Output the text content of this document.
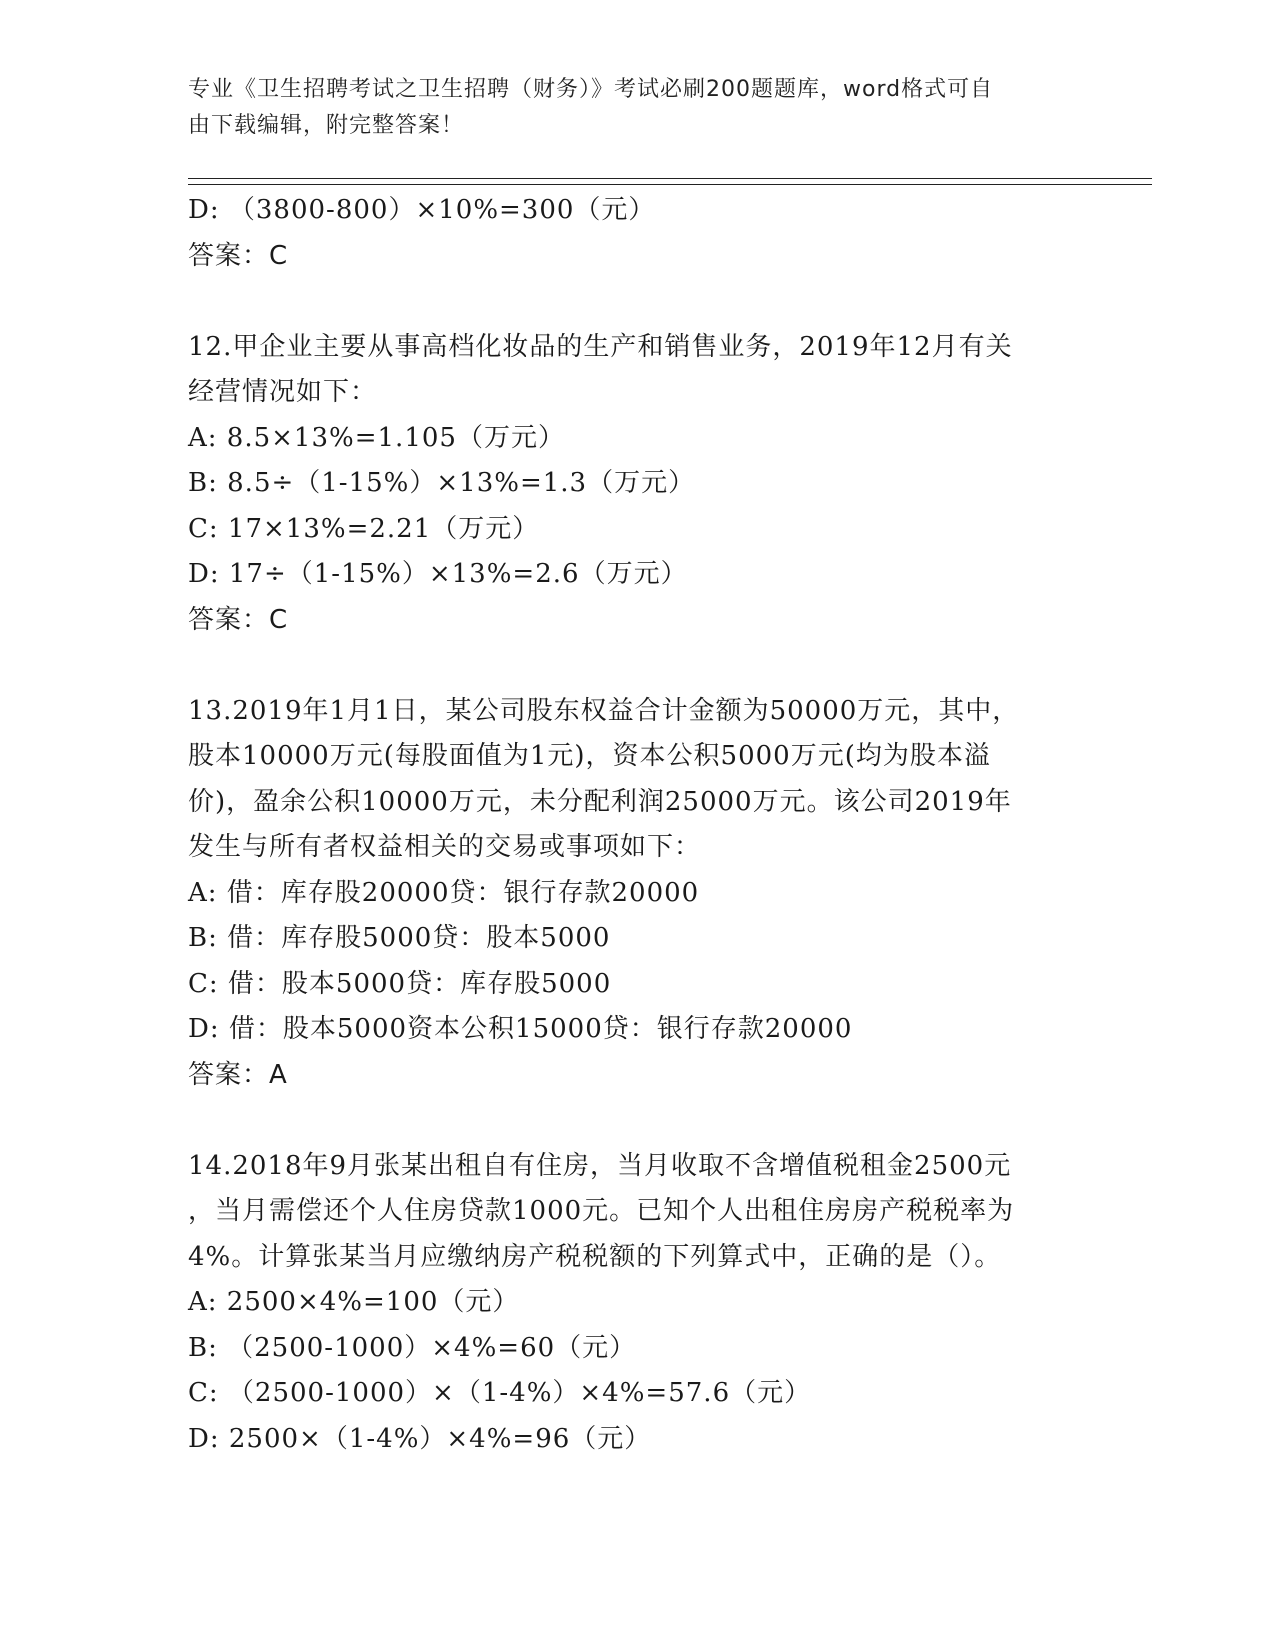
专业《卫生招聘考试之卫生招聘（财务）》考试必刷200题题库，word格式可自
由下载编辑，附完整答案！
D: （3800-800）×10%=300（元）
答案：C
12.甲企业主要从事高档化妆品的生产和销售业务，2019年12月有关
经营情况如下：
A: 8.5×13%=1.105（万元）
B: 8.5÷（1-15%）×13%=1.3（万元）
C: 17×13%=2.21（万元）
D: 17÷（1-15%）×13%=2.6（万元）
答案：C
13.2019年1月1日，某公司股东权益合计金额为50000万元，其中，
股本10000万元(每股面值为1元)，资本公积5000万元(均为股本溢
价)，盈余公积10000万元，未分配利润25000万元。该公司2019年
发生与所有者权益相关的交易或事项如下：
A: 借：库存股20000贷：银行存款20000
B: 借：库存股5000贷：股本5000
C: 借：股本5000贷：库存股5000
D: 借：股本5000资本公积15000贷：银行存款20000
答案：A
14.2018年9月张某出租自有住房，当月收取不含增值税租金2500元
，当月需偿还个人住房贷款1000元。已知个人出租住房房产税税率为
4%。计算张某当月应缴纳房产税税额的下列算式中，正确的是（）。
A: 2500×4%=100（元）
B: （2500-1000）×4%=60（元）
C: （2500-1000）×（1-4%）×4%=57.6（元）
D: 2500×（1-4%）×4%=96（元）
